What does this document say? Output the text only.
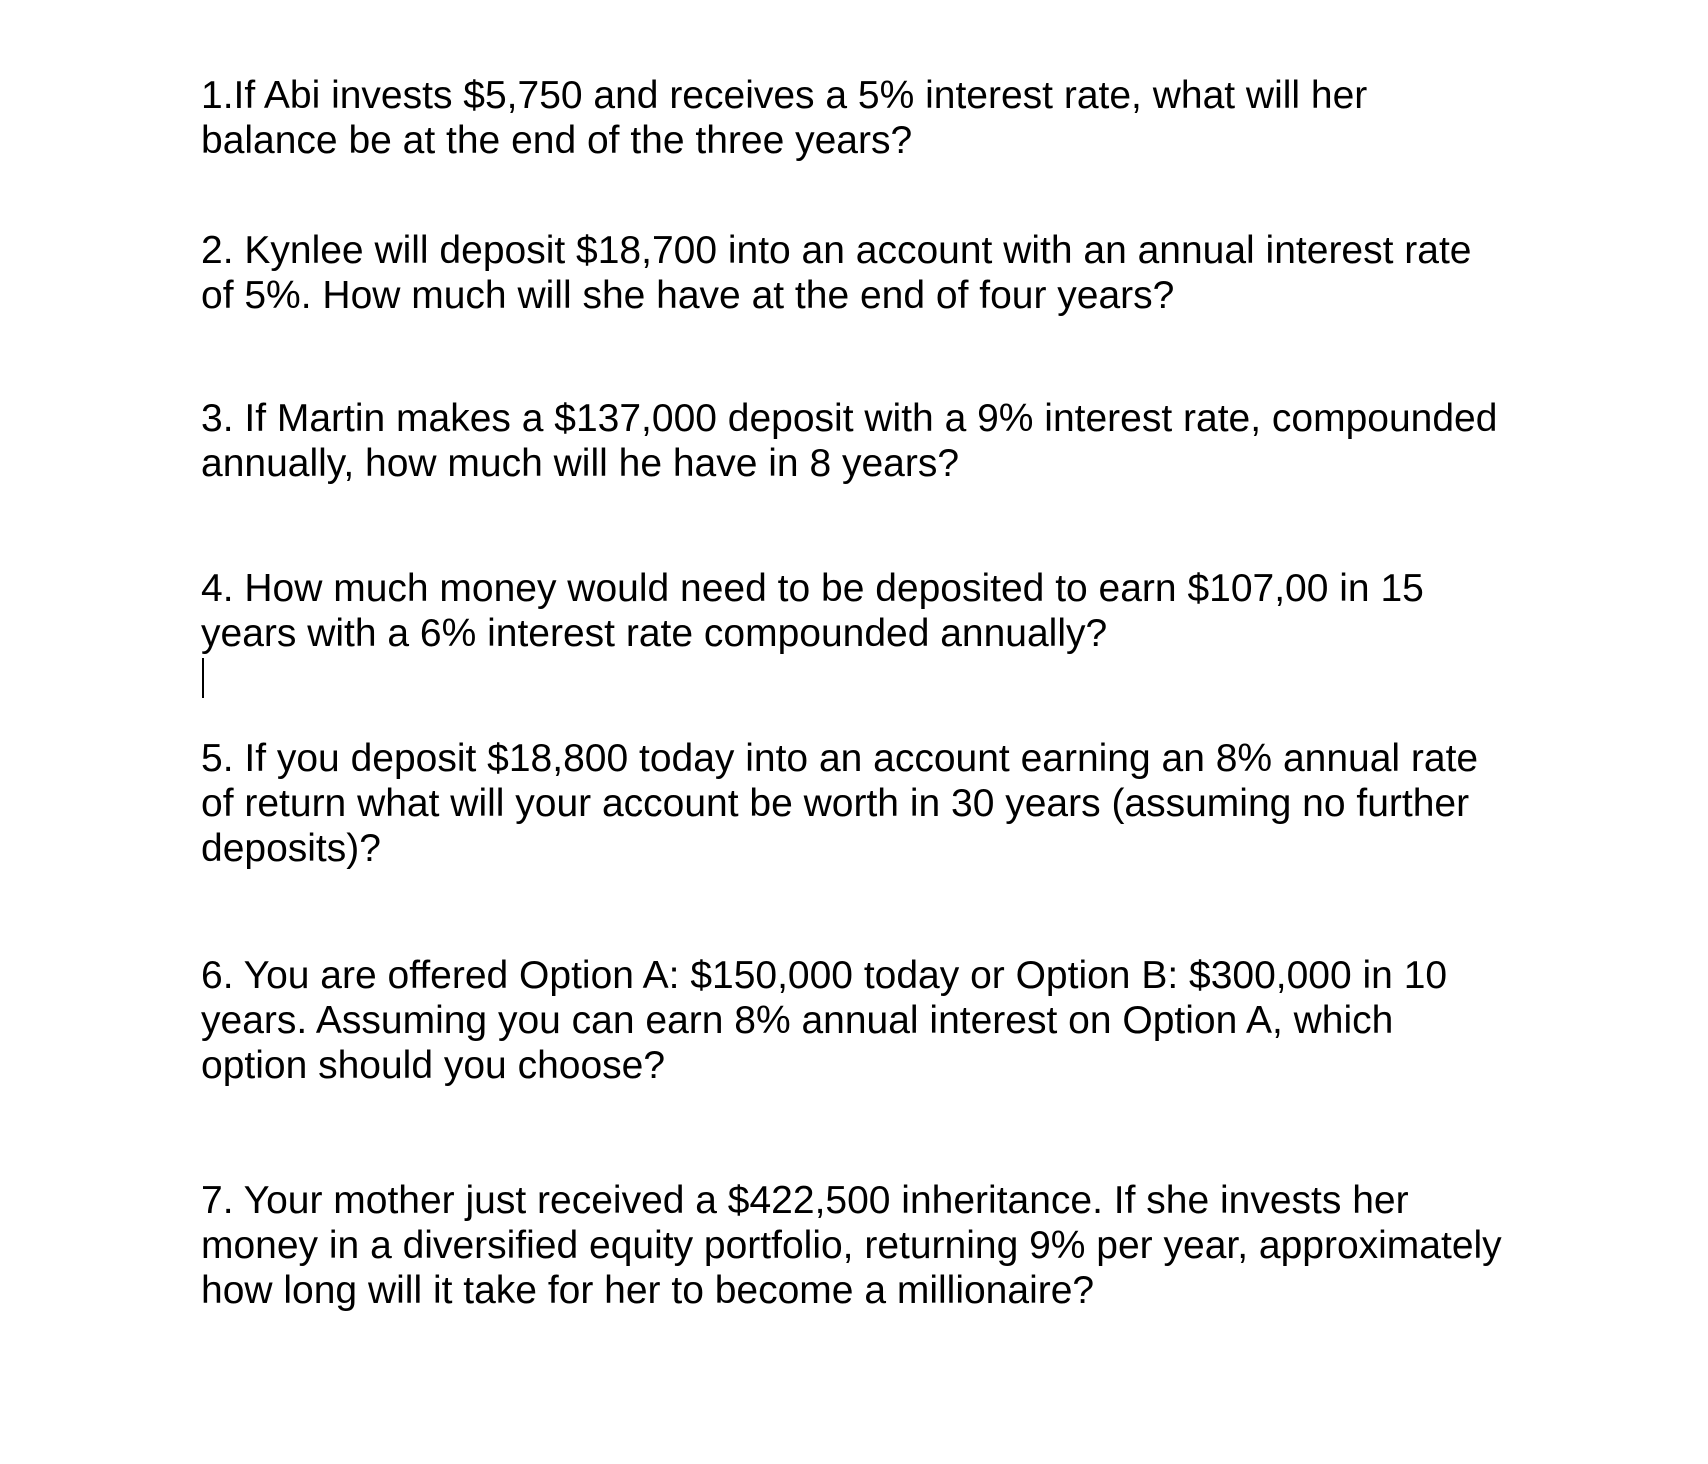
1.If Abi invests $5,750 and receives a 5% interest rate, what will her
balance be at the end of the three years?

2. Kynlee will deposit $18,700 into an account with an annual interest rate
of 5%. How much will she have at the end of four years?

3. If Martin makes a $137,000 deposit with a 9% interest rate, compounded
annually, how much will he have in 8 years?

4. How much money would need to be deposited to earn $107,00 in 15
years with a 6% interest rate compounded annually?

5. If you deposit $18,800 today into an account earning an 8% annual rate
of return what will your account be worth in 30 years (assuming no further
deposits)?

6. You are offered Option A: $150,000 today or Option B: $300,000 in 10
years. Assuming you can earn 8% annual interest on Option A, which
option should you choose?

7. Your mother just received a $422,500 inheritance. If she invests her
money in a diversified equity portfolio, returning 9% per year, approximately
how long will it take for her to become a millionaire?
